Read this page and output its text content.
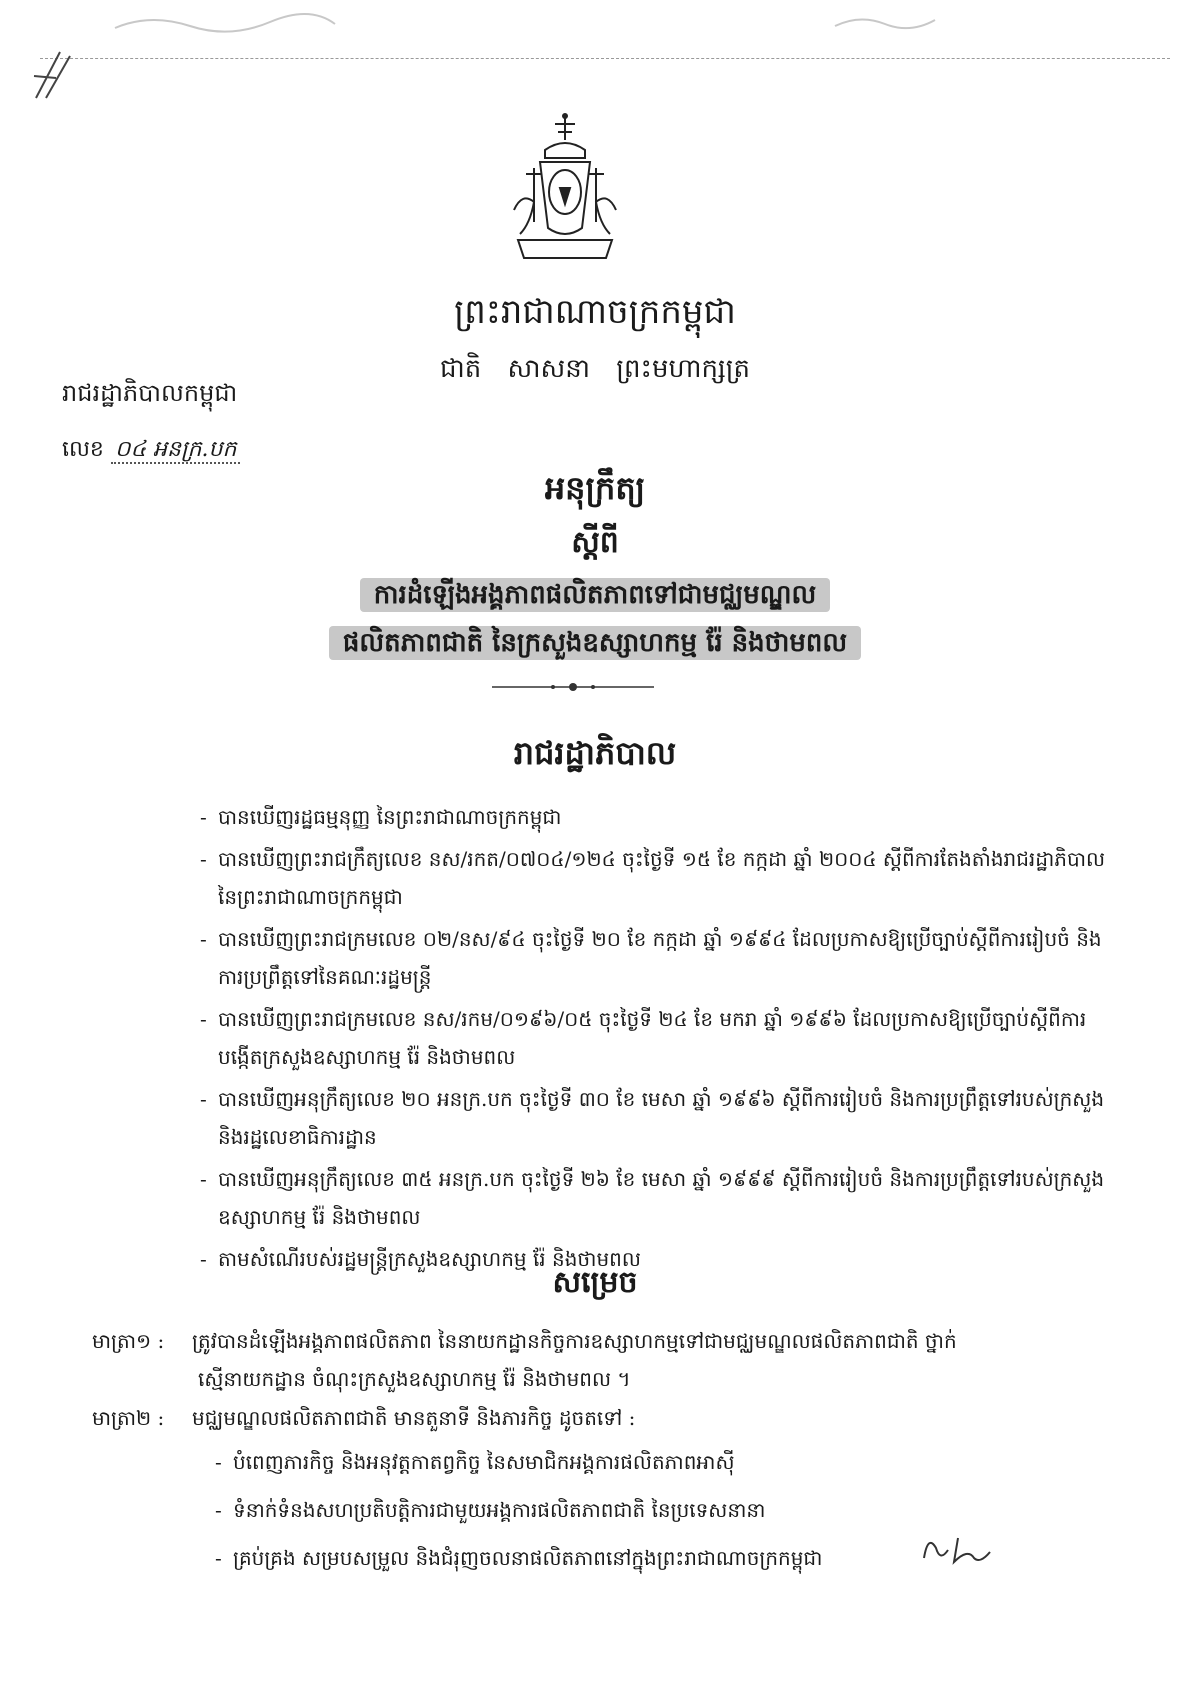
ព្រះរាជាណាចក្រកម្ពុជា
ជាតិ សាសនា ព្រះមហាក្សត្រ
រាជរដ្ឋាភិបាលកម្ពុជា
លេខ ០៤ អនក្រ.បក
អនុក្រឹត្យ
ស្តីពី
ការដំឡើងអង្គភាពផលិតភាពទៅជាមជ្ឈមណ្ឌល
ផលិតភាពជាតិ នៃក្រសួងឧស្សាហកម្ម រ៉ែ និងថាមពល
រាជរដ្ឋាភិបាល
- បានឃើញរដ្ឋធម្មនុញ្ញ នៃព្រះរាជាណាចក្រកម្ពុជា
- បានឃើញព្រះរាជក្រឹត្យលេខ នស/រកត/០៧០៤/១២៤ ចុះថ្ងៃទី ១៥ ខែ កក្កដា ឆ្នាំ ២០០៤ ស្តីពីការតែងតាំងរាជរដ្ឋាភិបាល នៃព្រះរាជាណាចក្រកម្ពុជា
- បានឃើញព្រះរាជក្រមលេខ ០២/នស/៩៤ ចុះថ្ងៃទី ២០ ខែ កក្កដា ឆ្នាំ ១៩៩៤ ដែលប្រកាសឱ្យប្រើច្បាប់ស្តីពីការរៀបចំ និងការប្រព្រឹត្តទៅនៃគណៈរដ្ឋមន្ត្រី
- បានឃើញព្រះរាជក្រមលេខ នស/រកម/០១៩៦/០៥ ចុះថ្ងៃទី ២៤ ខែ មករា ឆ្នាំ ១៩៩៦ ដែលប្រកាសឱ្យប្រើច្បាប់ស្តីពីការបង្កើតក្រសួងឧស្សាហកម្ម រ៉ែ និងថាមពល
- បានឃើញអនុក្រឹត្យលេខ ២០ អនក្រ.បក ចុះថ្ងៃទី ៣០ ខែ មេសា ឆ្នាំ ១៩៩៦ ស្តីពីការរៀបចំ និងការប្រព្រឹត្តទៅរបស់ក្រសួង និងរដ្ឋលេខាធិការដ្ឋាន
- បានឃើញអនុក្រឹត្យលេខ ៣៥ អនក្រ.បក ចុះថ្ងៃទី ២៦ ខែ មេសា ឆ្នាំ ១៩៩៩ ស្តីពីការរៀបចំ និងការប្រព្រឹត្តទៅរបស់ក្រសួងឧស្សាហកម្ម រ៉ែ និងថាមពល
- តាមសំណើរបស់រដ្ឋមន្ត្រីក្រសួងឧស្សាហកម្ម រ៉ែ និងថាមពល
សម្រេច
មាត្រា១ : ត្រូវបានដំឡើងអង្គភាពផលិតភាព នៃនាយកដ្ឋានកិច្ចការឧស្សាហកម្មទៅជាមជ្ឈមណ្ឌលផលិតភាពជាតិ ថ្នាក់
ស្មើនាយកដ្ឋាន ចំណុះក្រសួងឧស្សាហកម្ម រ៉ែ និងថាមពល ។
មាត្រា២ : មជ្ឈមណ្ឌលផលិតភាពជាតិ មានតួនាទី និងភារកិច្ច ដូចតទៅ :
- បំពេញភារកិច្ច និងអនុវត្តកាតព្វកិច្ច នៃសមាជិកអង្គការផលិតភាពអាស៊ី
- ទំនាក់ទំនងសហប្រតិបត្តិការជាមួយអង្គការផលិតភាពជាតិ នៃប្រទេសនានា
- គ្រប់គ្រង សម្របសម្រួល និងជំរុញចលនាផលិតភាពនៅក្នុងព្រះរាជាណាចក្រកម្ពុជា
